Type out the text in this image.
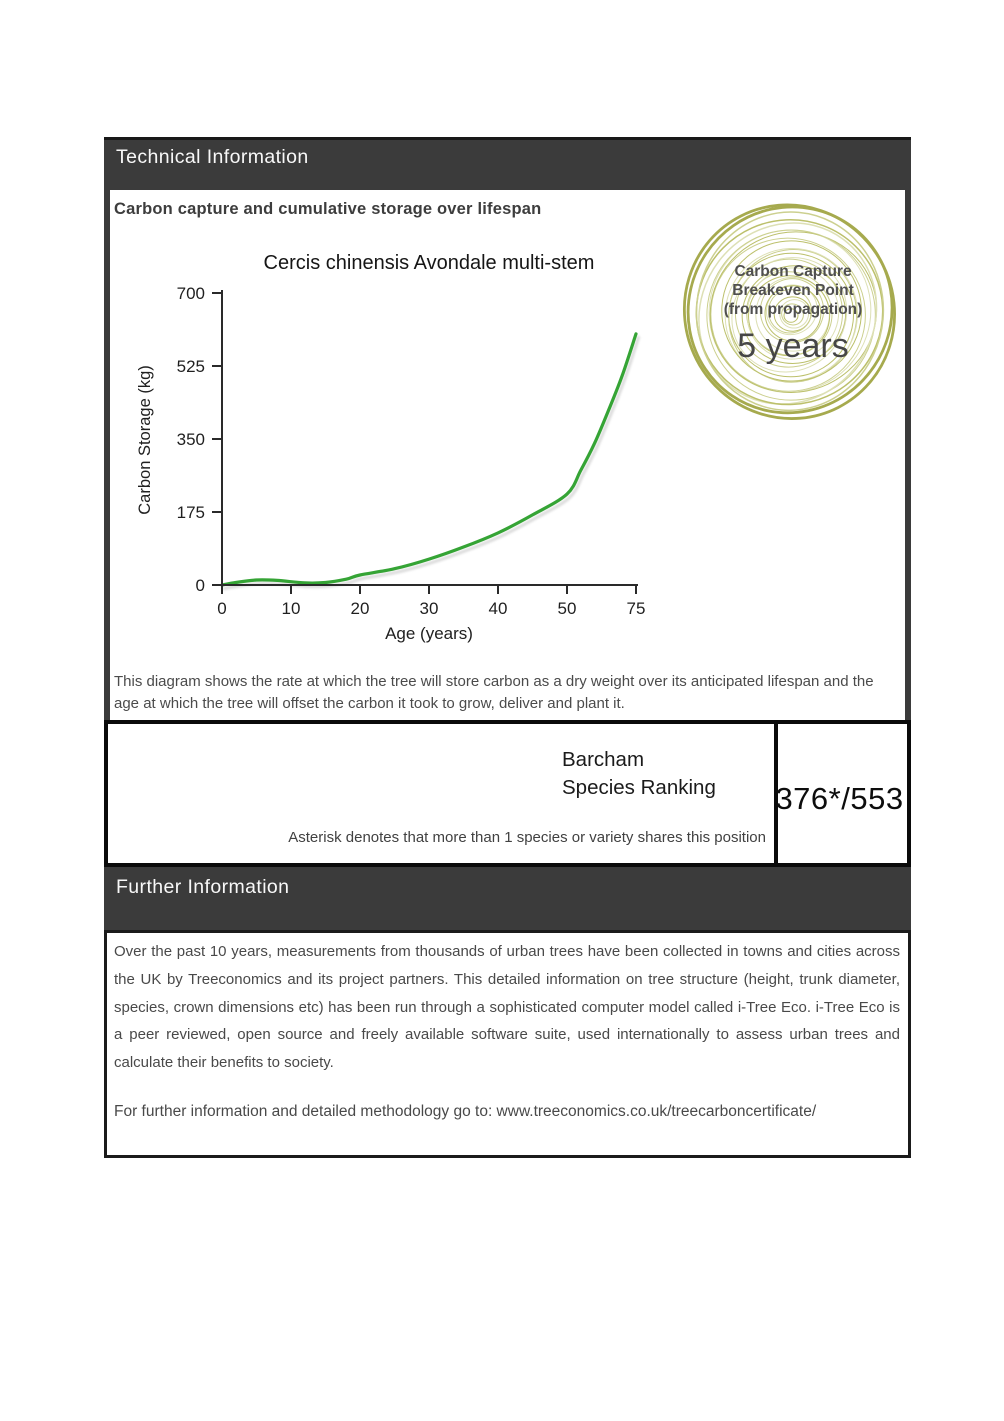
Technical Information
Carbon capture and cumulative storage over lifespan
0
175
350
525
700
0	10	20	30	40	50	75
Cercis chinensis Avondale multi-stem
Age (years)
Carbon Storage (kg)
Carbon Capture
Breakeven Point
(from propagation)
5 years
This diagram shows the rate at which the tree will store carbon as a dry weight over its anticipated lifespan and the age at which the tree will offset the carbon it took to grow, deliver and plant it.
Barcham
Species Ranking
Asterisk denotes that more than 1 species or variety shares this position
376*/553
Further Information
Over the past 10 years, measurements from thousands of urban trees have been collected in towns and cities across the UK by Treeconomics and its project partners. This detailed information on tree structure (height, trunk diameter, species, crown dimensions etc) has been run through a sophisticated computer model called i-Tree Eco. i-Tree Eco is a peer reviewed, open source and freely available software suite, used internationally to assess urban trees and calculate their benefits to society.
For further information and detailed methodology go to: www.treeconomics.co.uk/treecarboncertificate/
